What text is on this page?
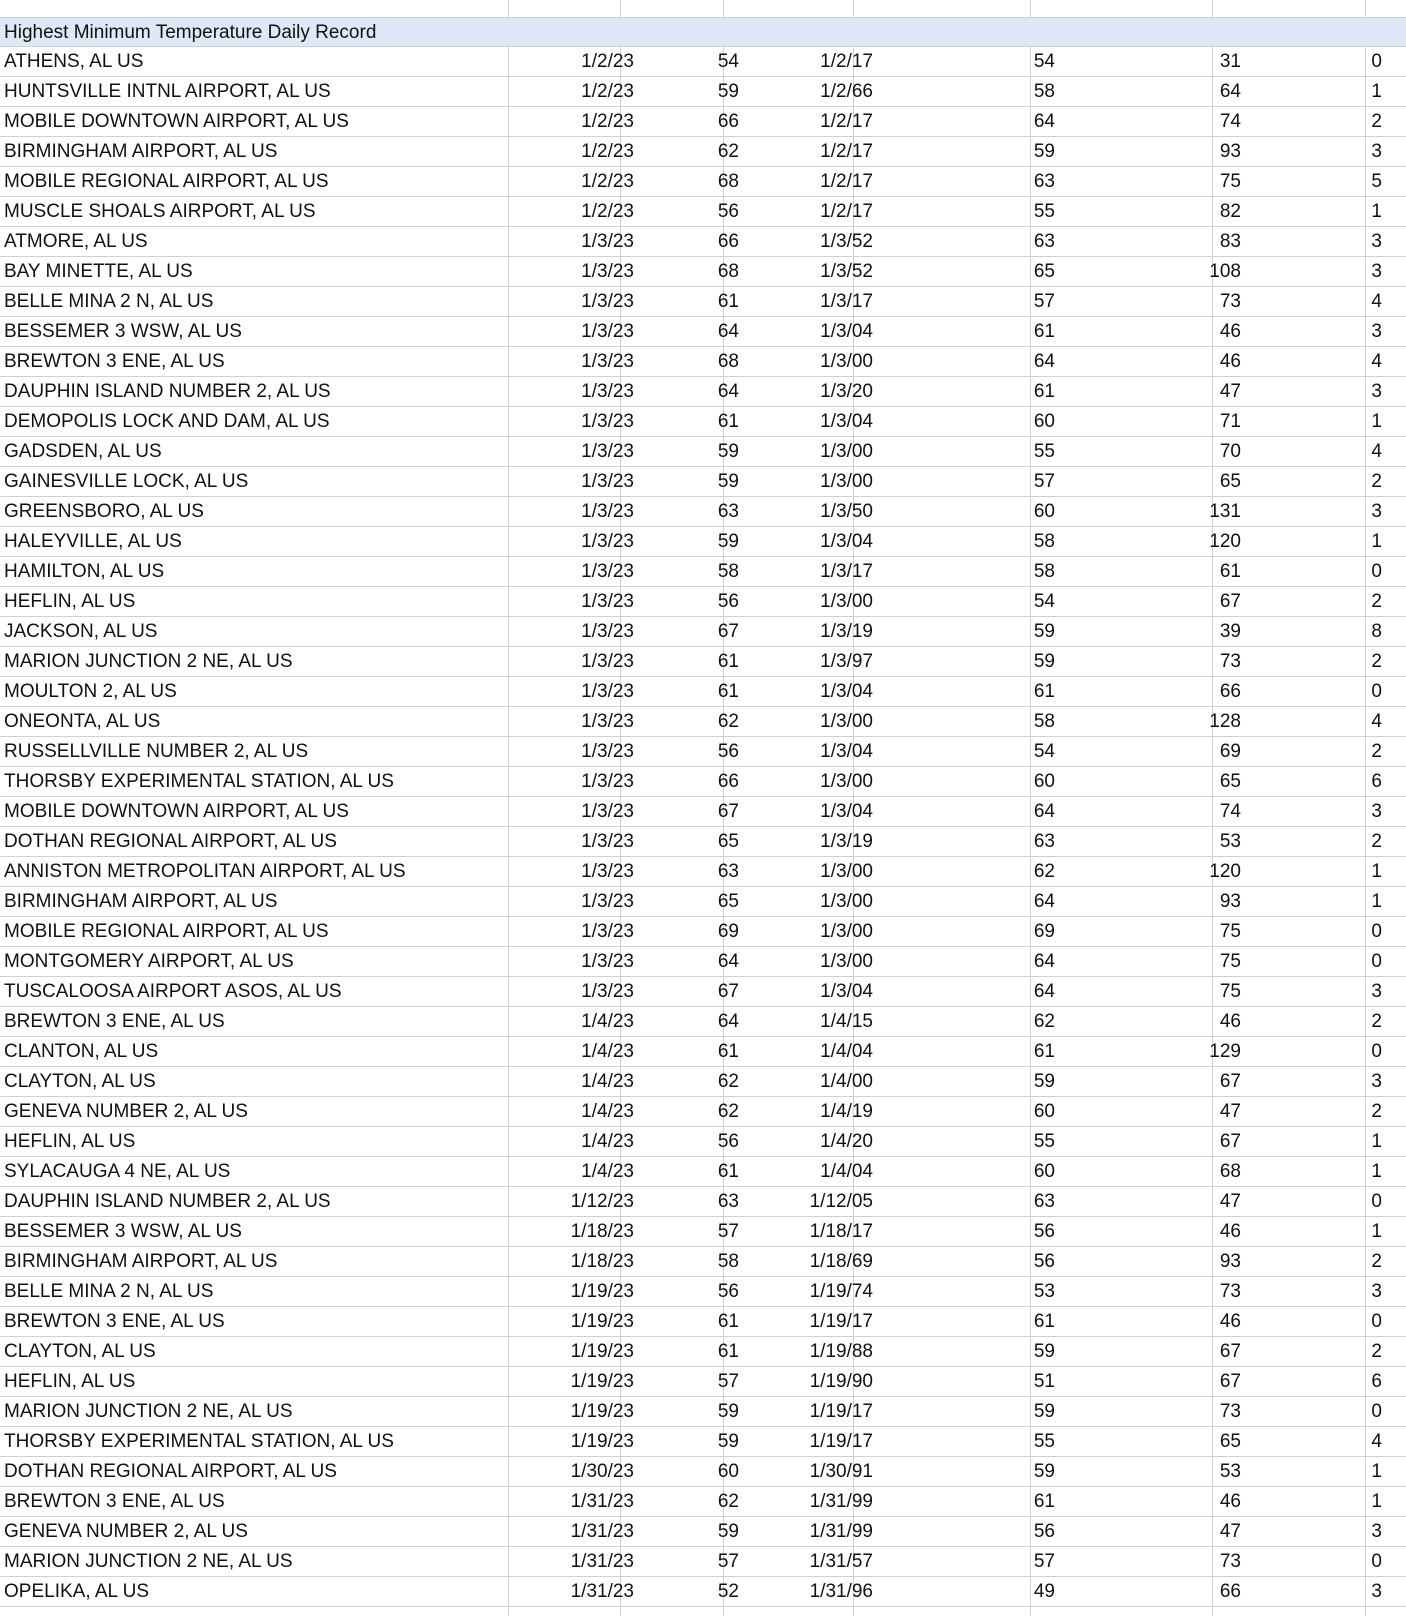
Highest Minimum Temperature Daily Record
ATHENS, AL US	1/2/23	54	1/2/17	54	31	0
HUNTSVILLE INTNL AIRPORT, AL US	1/2/23	59	1/2/66	58	64	1
MOBILE DOWNTOWN AIRPORT, AL US	1/2/23	66	1/2/17	64	74	2
BIRMINGHAM AIRPORT, AL US	1/2/23	62	1/2/17	59	93	3
MOBILE REGIONAL AIRPORT, AL US	1/2/23	68	1/2/17	63	75	5
MUSCLE SHOALS AIRPORT, AL US	1/2/23	56	1/2/17	55	82	1
ATMORE, AL US	1/3/23	66	1/3/52	63	83	3
BAY MINETTE, AL US	1/3/23	68	1/3/52	65	108	3
BELLE MINA 2 N, AL US	1/3/23	61	1/3/17	57	73	4
BESSEMER 3 WSW, AL US	1/3/23	64	1/3/04	61	46	3
BREWTON 3 ENE, AL US	1/3/23	68	1/3/00	64	46	4
DAUPHIN ISLAND NUMBER 2, AL US	1/3/23	64	1/3/20	61	47	3
DEMOPOLIS LOCK AND DAM, AL US	1/3/23	61	1/3/04	60	71	1
GADSDEN, AL US	1/3/23	59	1/3/00	55	70	4
GAINESVILLE LOCK, AL US	1/3/23	59	1/3/00	57	65	2
GREENSBORO, AL US	1/3/23	63	1/3/50	60	131	3
HALEYVILLE, AL US	1/3/23	59	1/3/04	58	120	1
HAMILTON, AL US	1/3/23	58	1/3/17	58	61	0
HEFLIN, AL US	1/3/23	56	1/3/00	54	67	2
JACKSON, AL US	1/3/23	67	1/3/19	59	39	8
MARION JUNCTION 2 NE, AL US	1/3/23	61	1/3/97	59	73	2
MOULTON 2, AL US	1/3/23	61	1/3/04	61	66	0
ONEONTA, AL US	1/3/23	62	1/3/00	58	128	4
RUSSELLVILLE NUMBER 2, AL US	1/3/23	56	1/3/04	54	69	2
THORSBY EXPERIMENTAL STATION, AL US	1/3/23	66	1/3/00	60	65	6
MOBILE DOWNTOWN AIRPORT, AL US	1/3/23	67	1/3/04	64	74	3
DOTHAN REGIONAL AIRPORT, AL US	1/3/23	65	1/3/19	63	53	2
ANNISTON METROPOLITAN AIRPORT, AL US	1/3/23	63	1/3/00	62	120	1
BIRMINGHAM AIRPORT, AL US	1/3/23	65	1/3/00	64	93	1
MOBILE REGIONAL AIRPORT, AL US	1/3/23	69	1/3/00	69	75	0
MONTGOMERY AIRPORT, AL US	1/3/23	64	1/3/00	64	75	0
TUSCALOOSA AIRPORT ASOS, AL US	1/3/23	67	1/3/04	64	75	3
BREWTON 3 ENE, AL US	1/4/23	64	1/4/15	62	46	2
CLANTON, AL US	1/4/23	61	1/4/04	61	129	0
CLAYTON, AL US	1/4/23	62	1/4/00	59	67	3
GENEVA NUMBER 2, AL US	1/4/23	62	1/4/19	60	47	2
HEFLIN, AL US	1/4/23	56	1/4/20	55	67	1
SYLACAUGA 4 NE, AL US	1/4/23	61	1/4/04	60	68	1
DAUPHIN ISLAND NUMBER 2, AL US	1/12/23	63	1/12/05	63	47	0
BESSEMER 3 WSW, AL US	1/18/23	57	1/18/17	56	46	1
BIRMINGHAM AIRPORT, AL US	1/18/23	58	1/18/69	56	93	2
BELLE MINA 2 N, AL US	1/19/23	56	1/19/74	53	73	3
BREWTON 3 ENE, AL US	1/19/23	61	1/19/17	61	46	0
CLAYTON, AL US	1/19/23	61	1/19/88	59	67	2
HEFLIN, AL US	1/19/23	57	1/19/90	51	67	6
MARION JUNCTION 2 NE, AL US	1/19/23	59	1/19/17	59	73	0
THORSBY EXPERIMENTAL STATION, AL US	1/19/23	59	1/19/17	55	65	4
DOTHAN REGIONAL AIRPORT, AL US	1/30/23	60	1/30/91	59	53	1
BREWTON 3 ENE, AL US	1/31/23	62	1/31/99	61	46	1
GENEVA NUMBER 2, AL US	1/31/23	59	1/31/99	56	47	3
MARION JUNCTION 2 NE, AL US	1/31/23	57	1/31/57	57	73	0
OPELIKA, AL US	1/31/23	52	1/31/96	49	66	3
